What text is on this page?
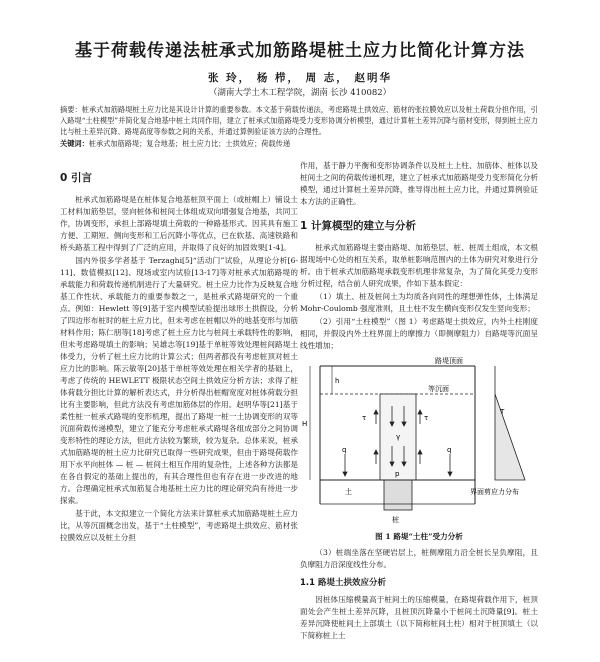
基于荷载传递法桩承式加筋路堤桩土应力比简化计算方法
张 玲， 杨 栉， 周 志， 赵明华
（湖南大学土木工程学院，湖南 长沙 410082）
摘要：桩承式加筋路堤桩土应力比是其设计计算的重要参数。本文基于荷载传递法，考虑路堤土拱效应、筋材的张拉膜效应以及桩土荷载分担作用，引入路堤“土柱模型”并简化复合地基中桩土共同作用，建立了桩承式加筋路堤受力变形协调分析模型，通过计算桩土差异沉降与筋材变形，得到桩土应力比与桩土差异沉降、路堤高度等参数之间的关系，并通过算例验证该方法的合理性。
关键词：桩承式加筋路堤；复合地基；桩土应力比；土拱效应；荷载传递
0 引言

桩承式加筋路堤是在桩体复合地基桩顶平面上（或桩帽上）铺设土工材料加筋垫层，竖向桩体和桩间土体组成双向增强复合地基，共同工作，协调变形，承担上部路堤填土荷载的一种路基形式。因其具有施工方便、工期短、侧向变形和工后沉降小等优点，已在软基、高速铁路和桥头路基工程中得到了广泛的应用，并取得了良好的加固效果[1-4]。

国内外很多学者基于 Terzaghi[5]“活动门”试验，从理论分析[6-11]、数值模拟[12]、现场或室内试验[13-17]等对桩承式加筋路堤的承载能力和荷载传递机制进行了大量研究。桩土应力比作为反映复合地基工作性状、承载能力的重要参数之一，是桩承式路堤研究的一个重点。例如：Hewlett 等[9]基于室内模型试验提出球形土拱假设，分析了四边形布桩时的桩土应力比，但未考虑在桩帽以外的地基变形与加筋材料作用；陈仁朋等[18]考虑了桩土应力比与桩间土承载特性的影响，但未考虑路堤填土的影响；吴雄志等[19]基于单桩等效处理桩间路堤土体受力，分析了桩土应力比的计算公式；但两者都没有考虑桩顶对桩土应力比的影响。陈云敏等[20]基于单桩等效处理在相关学者的基础上，考虑了传统的 HEWLETT 极限状态空间土拱效应分析方法；求得了桩体荷载分担比计算的解析表达式，并分析得出桩帽宽度对桩体荷载分担比有主要影响，但此方法没有考虑加筋体层的作用。赵明华等[21]基于柔性桩一桩承式路堤的变形机理，提出了路堤一桩一土协调变形的双等沉面荷载传递模型，建立了能充分考虑桩承式路堤各组成部分之间协调变形特性的理论方法，但此方法较为繁琐，较为复杂。总体来说，桩承式加筋路堤的桩土应力比研究已取得一些研究成果，但由于路堤荷载作用下水平向桩体 — 桩 — 桩间土相互作用的复杂性，上述各种方法都是在各自假定的基础上提出的，有其合理性但也有存在进一步改进的地方。合理确定桩承式加筋复合地基桩土应力比的理论研究尚有待进一步探索。

基于此，本文拟建立一个简化方法来计算桩承式加筋路堤桩土应力比，从等沉面概念出发，基于“土柱模型”，考虑路堤土拱效应、筋材张拉膜效应以及桩土分担

作用，基于静力平衡和变形协调条件以及桩土上柱、加筋体、桩体以及桩间土之间的荷载传递机理，建立了桩承式加筋路堤受力变形简化分析模型，通过计算桩土差异沉降，推导得出桩土应力比，并通过算例验证本方法的正确性。

1 计算模型的建立与分析

桩承式加筋路堤主要由路堤、加筋垫层、桩、桩周土组成，本文根据现场中心处的相互关系，取单桩影响范围内的土体为研究对象进行分析。由于桩承式加筋路堤承载变形机理非常复杂，为了简化其受力变形分析过程，结合前人研究成果，作如下基本假定：

（1）填土、桩及桩间土为均质各向同性的理想弹性体，土体满足 Mohr-Coulomb 强度准则，且土柱不发生横向变形仅发生竖向变形；

（2）引用“土柱模型”（图 1）考虑路堤土拱效应，内外土柱刚度相同，并假设内外土柱界面上的摩擦力（即侧摩阻力）自路堤等沉面呈线性增加；

路堤顶面
等沉面
H
h
γ
τ	τ
p
q	q
T
桩
土	界面剪应力分布
图 1 路堤“土柱”受力分析

（3）桩端坐落在坚硬岩层上，桩侧摩阻力沿全桩长呈负摩阻，且负摩阻力沿深度线性分布。

1.1 路堤土拱效应分析

因桩体压缩模量高于桩间土的压缩模量，在路堤荷载作用下，桩顶面处会产生桩土差异沉降，且桩顶沉降量小于桩间土沉降量[9]。桩土差异沉降使桩间土上部填土（以下简称桩间土柱）相对于桩顶填土（以下简称桩上土
